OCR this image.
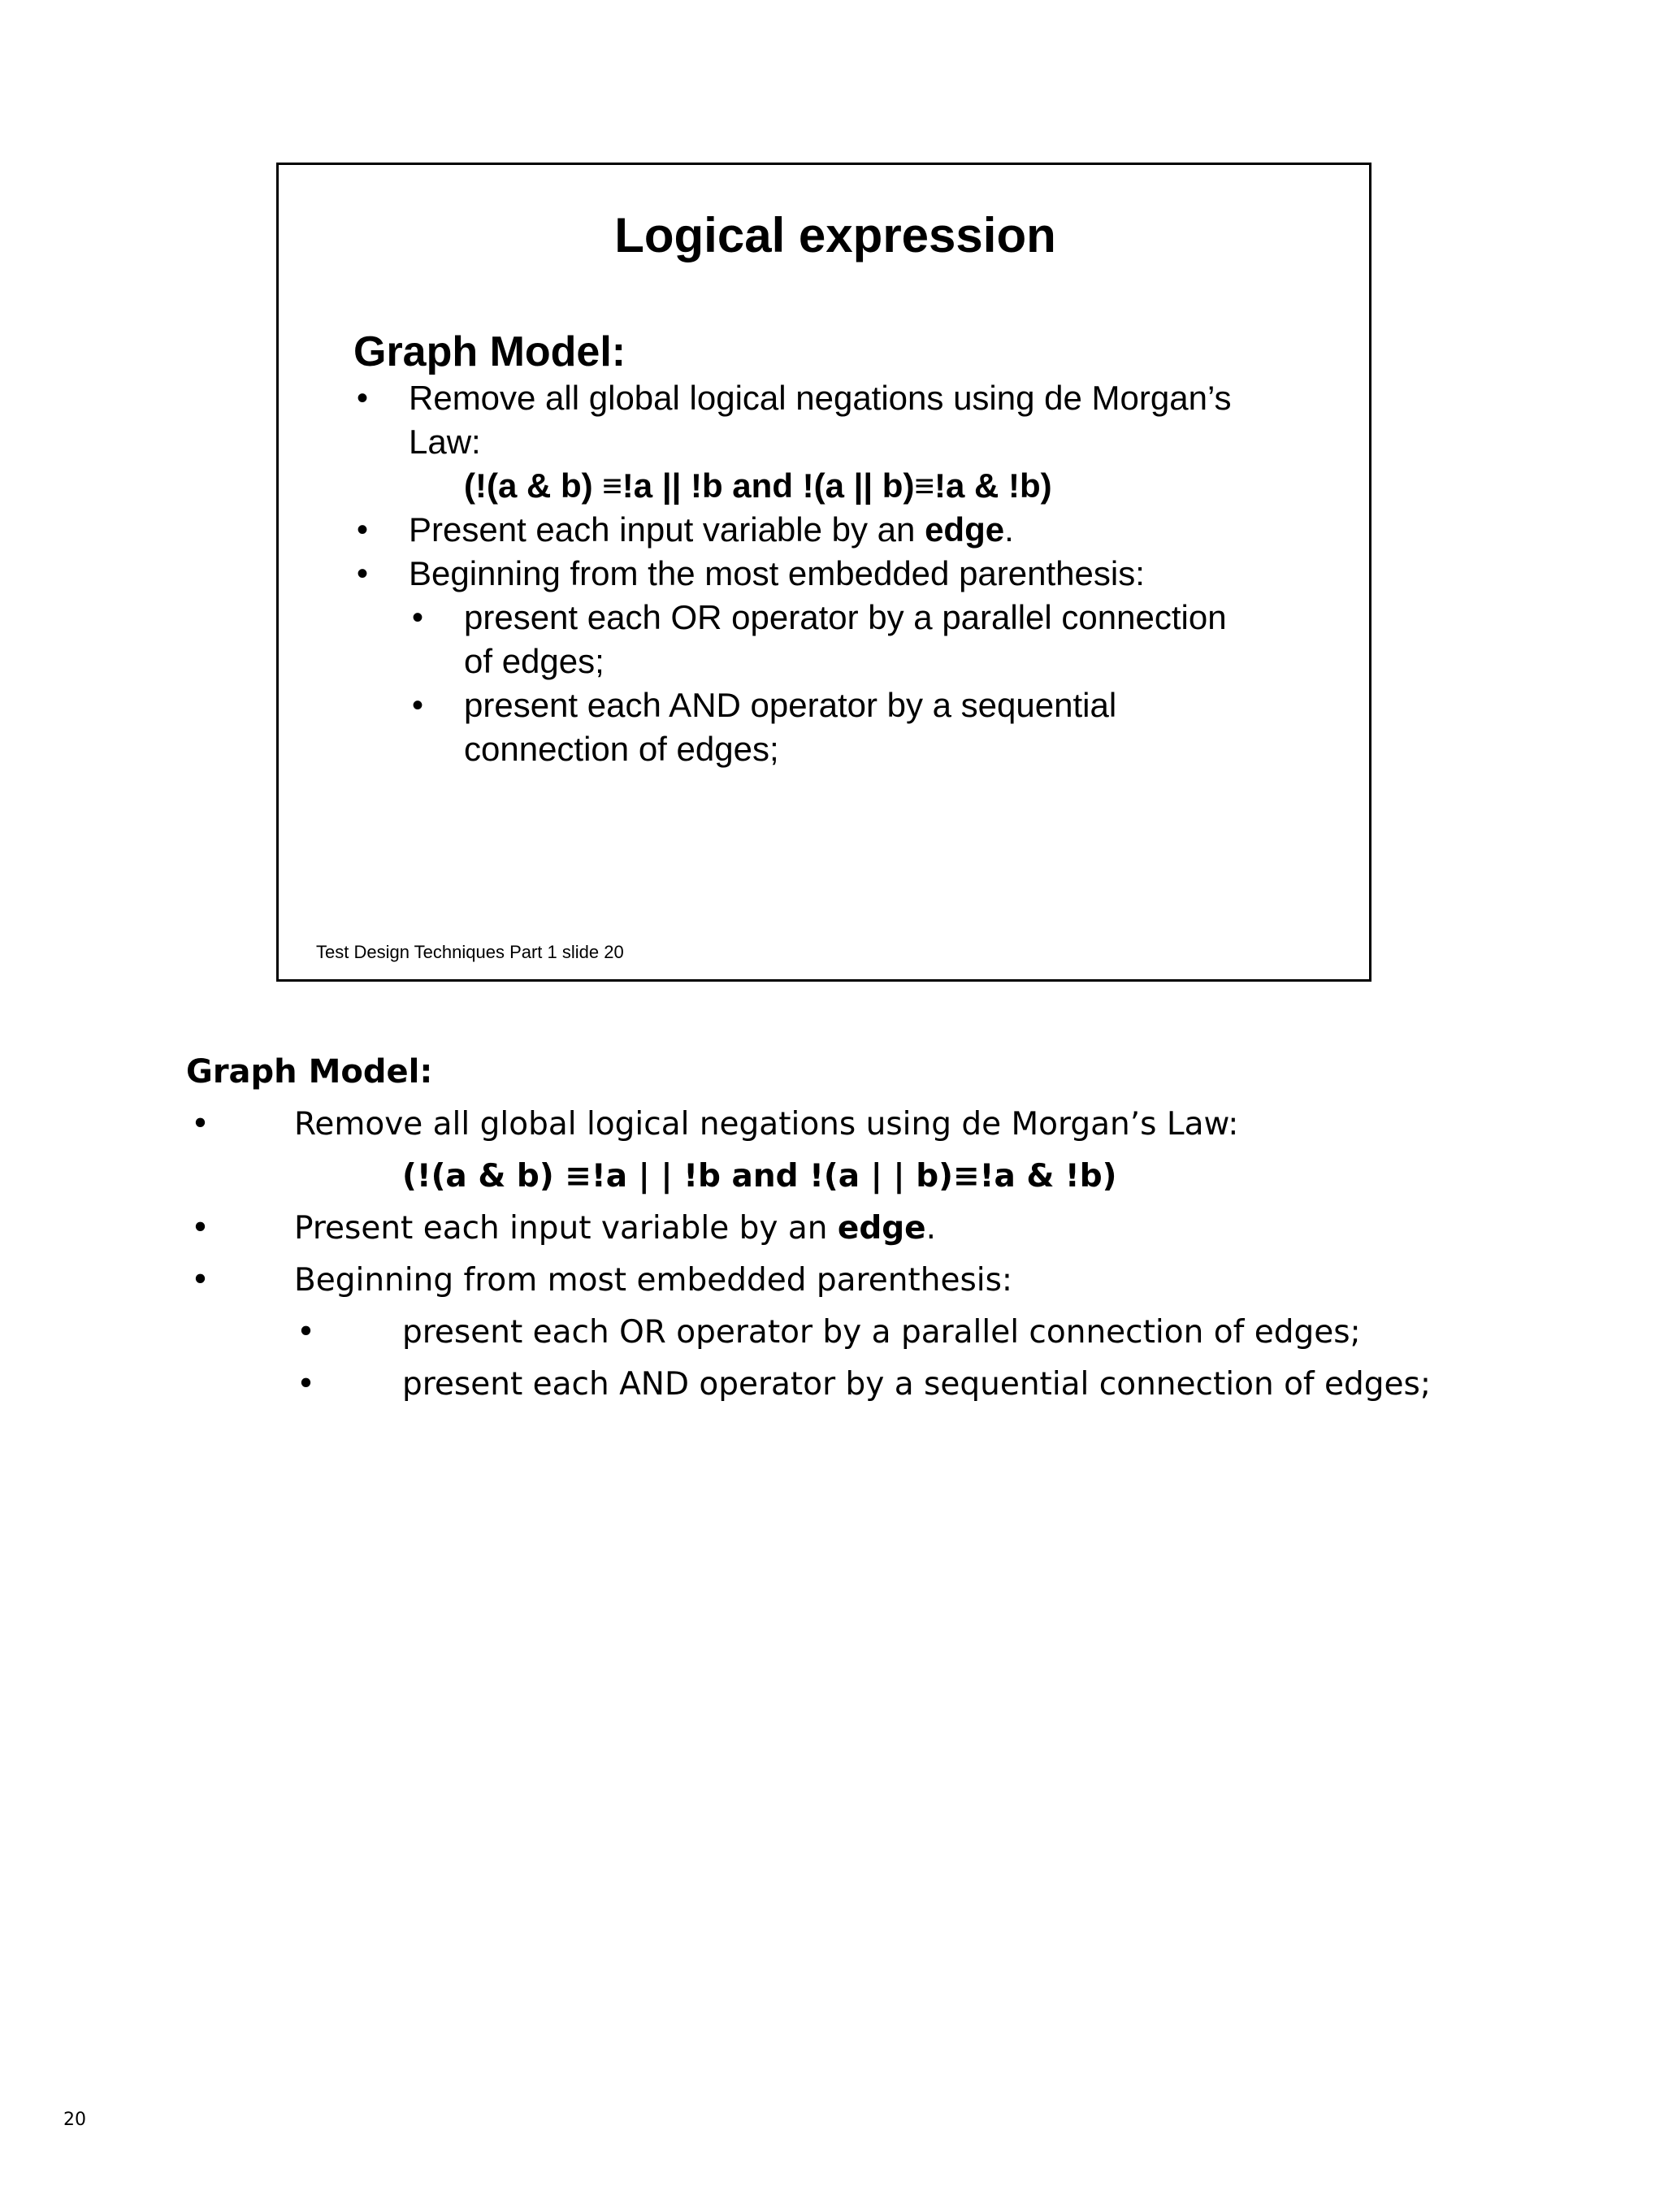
Logical expression
Graph Model:
• Remove all global logical negations using de Morgan’s
Law:
(!(a & b) ≡!a || !b and !(a || b)≡!a & !b)
• Present each input variable by an edge.
• Beginning from the most embedded parenthesis:
• present each OR operator by a parallel connection
of edges;
• present each AND operator by a sequential
connection of edges;
Test Design Techniques Part 1 slide 20
Graph Model:
•	Remove all global logical negations using de Morgan’s Law:
(!(a & b) ≡!a | | !b and !(a | | b)≡!a & !b)
•	Present each input variable by an edge.
•	Beginning from most embedded parenthesis:
•	present each OR operator by a parallel connection of edges;
•	present each AND operator by a sequential connection of edges;
20
